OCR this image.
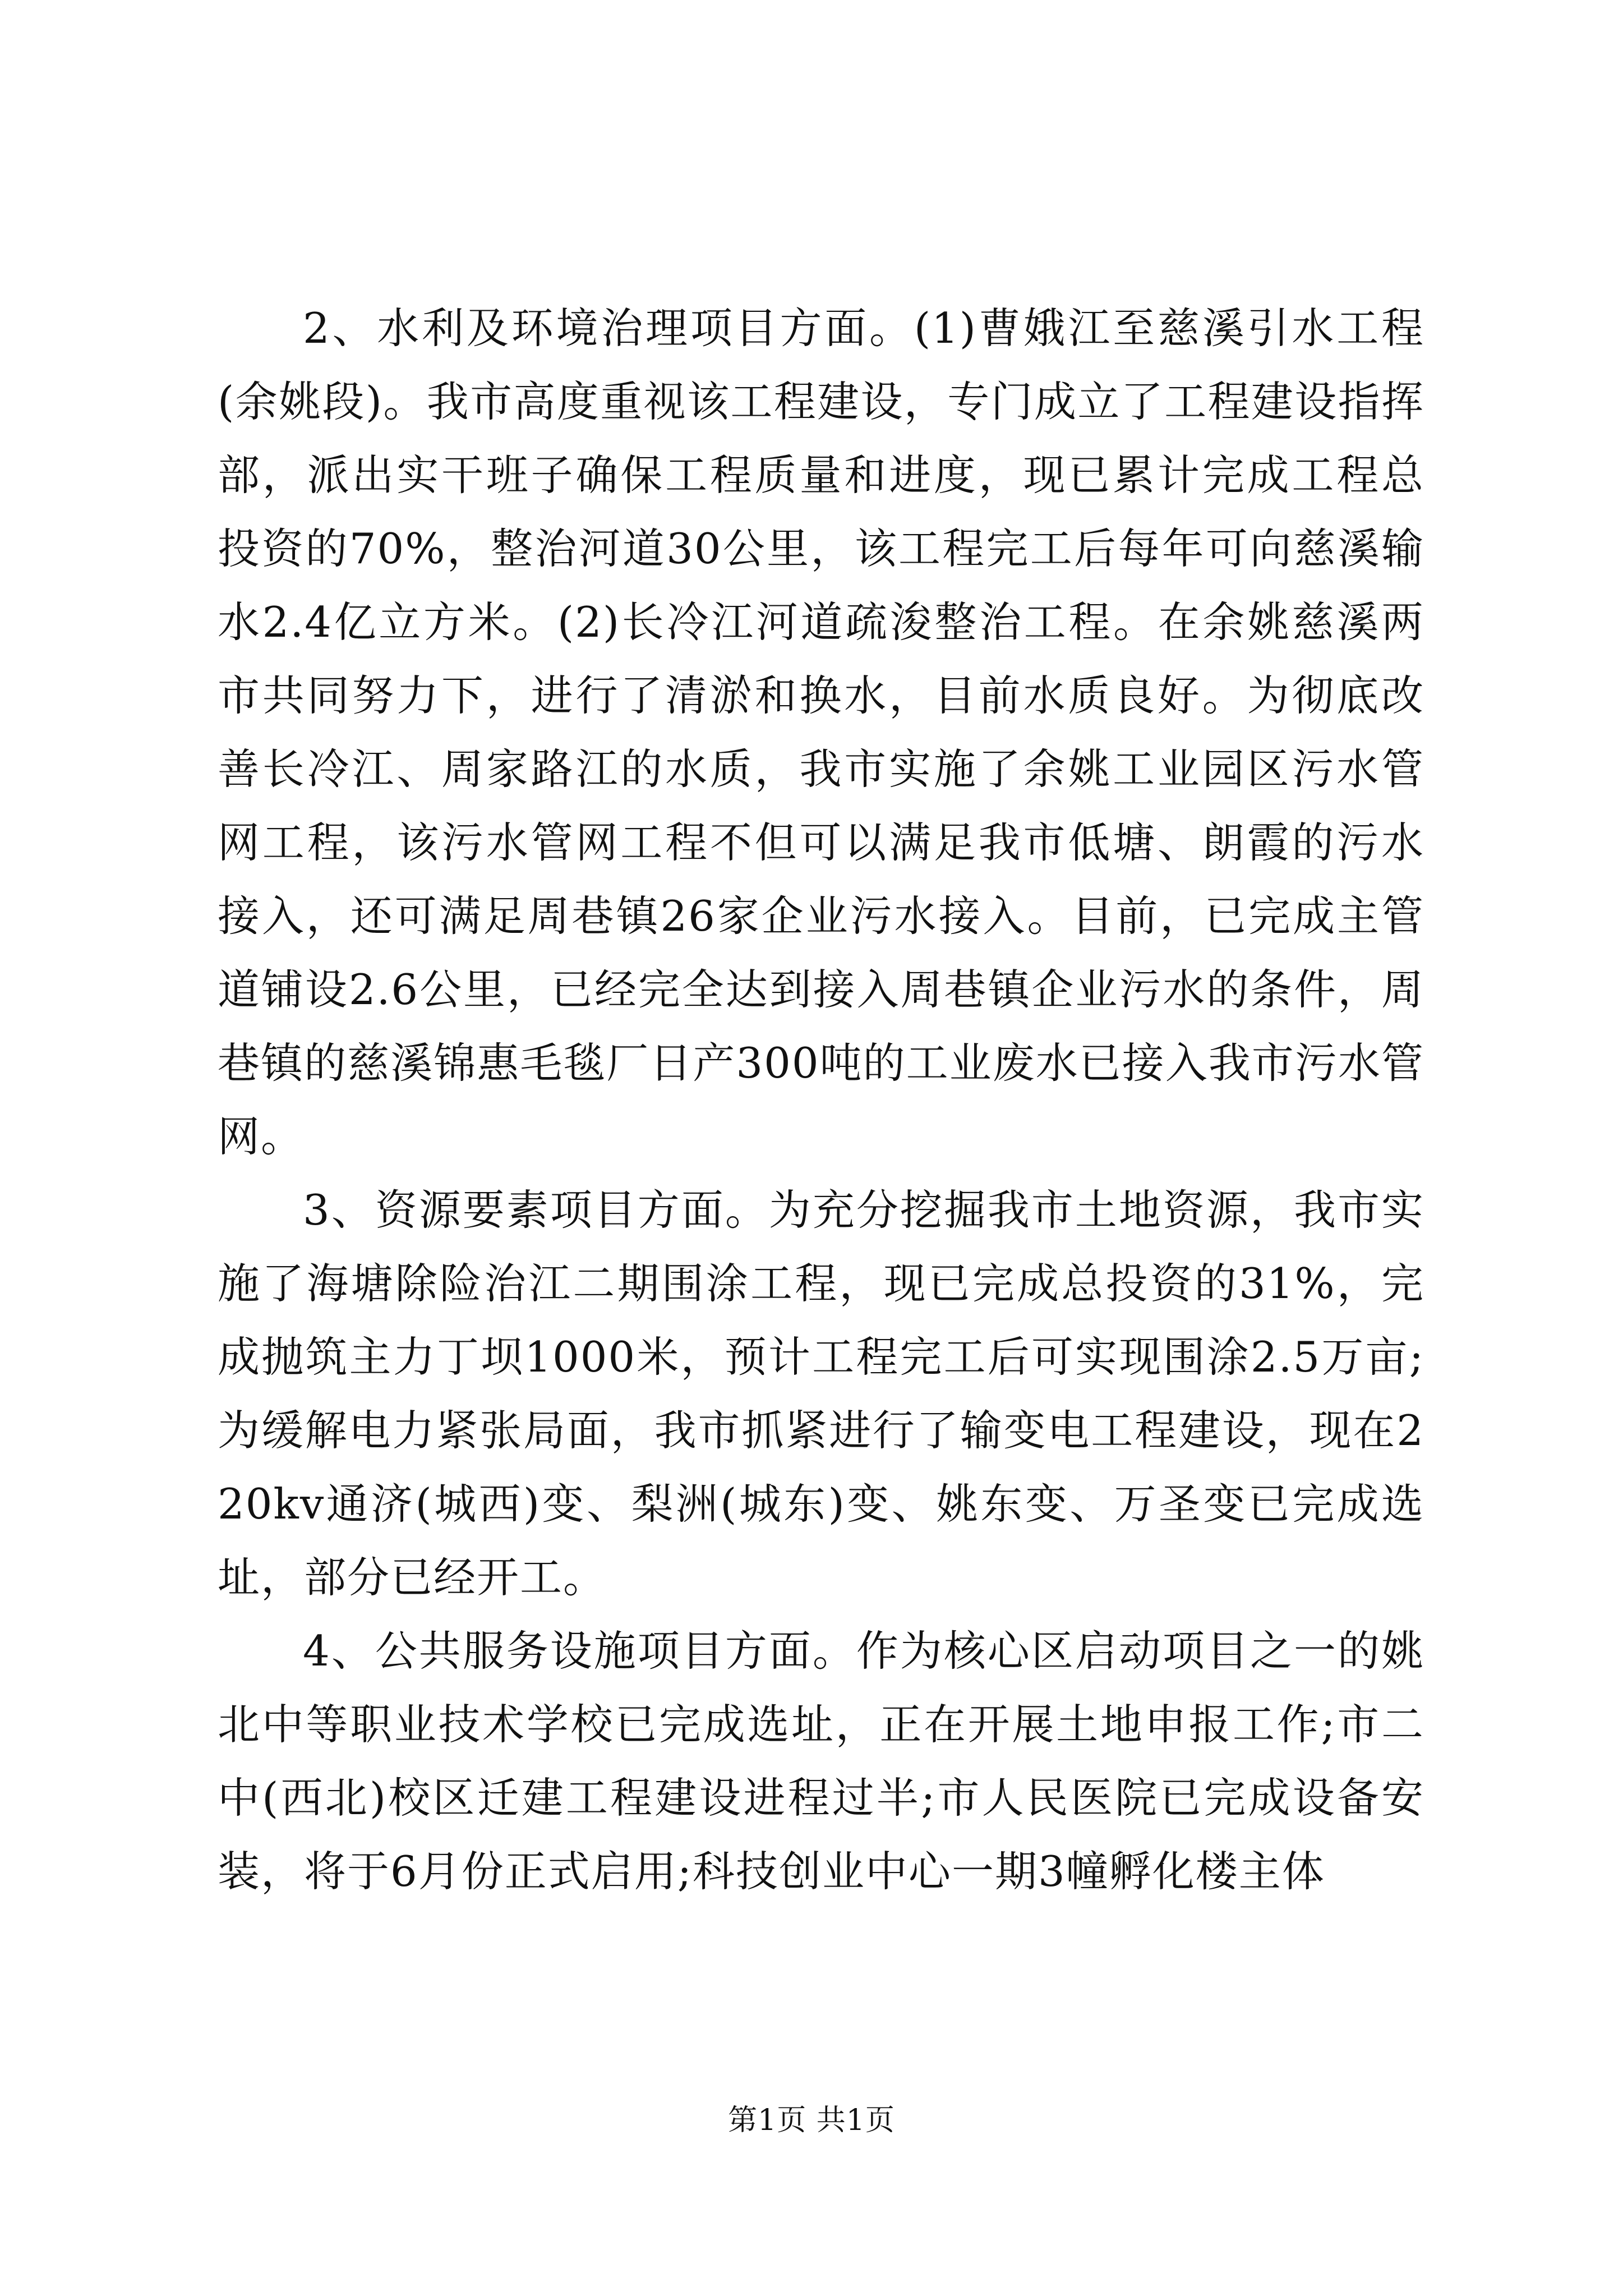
2、水利及环境治理项目方面。(1)曹娥江至慈溪引水工程(余姚段)。我市高度重视该工程建设，专门成立了工程建设指挥部，派出实干班子确保工程质量和进度，现已累计完成工程总投资的70%，整治河道30公里，该工程完工后每年可向慈溪输水2.4亿立方米。(2)长冷江河道疏浚整治工程。在余姚慈溪两市共同努力下，进行了清淤和换水，目前水质良好。为彻底改善长冷江、周家路江的水质，我市实施了余姚工业园区污水管网工程，该污水管网工程不但可以满足我市低塘、朗霞的污水接入，还可满足周巷镇26家企业污水接入。目前，已完成主管道铺设2.6公里，已经完全达到接入周巷镇企业污水的条件，周巷镇的慈溪锦惠毛毯厂日产300吨的工业废水已接入我市污水管网。

3、资源要素项目方面。为充分挖掘我市土地资源，我市实施了海塘除险治江二期围涂工程，现已完成总投资的31%，完成抛筑主力丁坝1000米，预计工程完工后可实现围涂2.5万亩;为缓解电力紧张局面，我市抓紧进行了输变电工程建设，现在220kv通济(城西)变、梨洲(城东)变、姚东变、万圣变已完成选址，部分已经开工。

4、公共服务设施项目方面。作为核心区启动项目之一的姚北中等职业技术学校已完成选址，正在开展土地申报工作;市二中(西北)校区迁建工程建设进程过半;市人民医院已完成设备安装，将于6月份正式启用;科技创业中心一期3幢孵化楼主体

第1页 共1页
